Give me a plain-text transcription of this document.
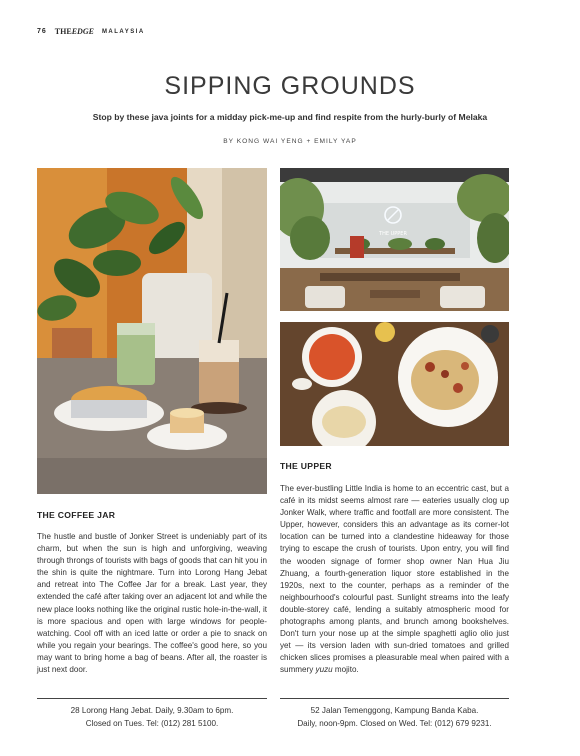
76 THEEDGE MALAYSIA
SIPPING GROUNDS

Stop by these java joints for a midday pick-me-up and find respite from the hurly-burly of Melaka

BY KONG WAI YENG + EMILY YAP

THE UPPER
THE COFFEE JAR

The hustle and bustle of Jonker Street is undeniably part of its charm, but when the sun is high and unforgiving, weaving through throngs of tourists with bags of goods that can hit you in the shin is quite the nightmare. Turn into Lorong Hang Jebat and retreat into The Coffee Jar for a break. Last year, they extended the café after taking over an adjacent lot and while the new place looks nothing like the original rustic hole-in-the-wall, it is more spacious and open with large windows for people-watching. Cool off with an iced latte or order a pie to snack on while you regain your bearings. The coffee's good here, so you may want to bring home a bag of beans. After all, the roaster is just next door.

THE UPPER

The ever-bustling Little India is home to an eccentric cast, but a café in its midst seems almost rare — eateries usually clog up Jonker Walk, where traffic and footfall are more consistent. The Upper, however, considers this an advantage as its corner-lot location can be turned into a clandestine hideaway for those trying to escape the crush of tourists. Upon entry, you will find the wooden signage of former shop owner Nan Hua Jiu Zhuang, a fourth-generation liquor store established in the 1920s, next to the counter, perhaps as a reminder of the neighbourhood's colourful past. Sunlight streams into the leafy double-storey café, lending a suitably atmospheric mood for photographs among plants, and brunch among bookshelves. Don't turn your nose up at the simple spaghetti aglio olio just yet — its version laden with sun-dried tomatoes and grilled chicken slices promises a pleasurable meal when paired with a summery yuzu mojito.

28 Lorong Hang Jebat. Daily, 9.30am to 6pm.
Closed on Tues. Tel: (012) 281 5100.
52 Jalan Temenggong, Kampung Banda Kaba.
Daily, noon-9pm. Closed on Wed. Tel: (012) 679 9231.
